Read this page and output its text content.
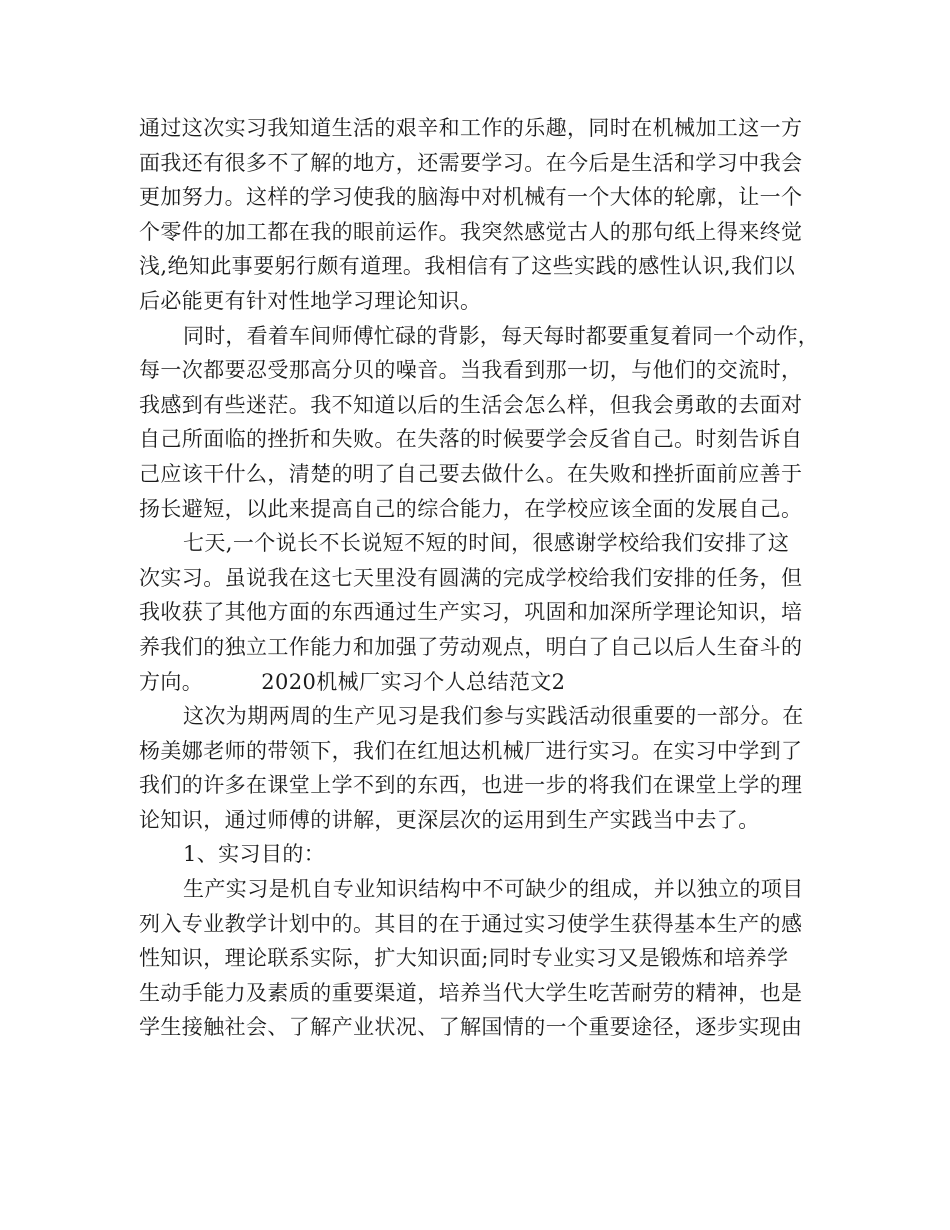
通过这次实习我知道生活的艰辛和工作的乐趣，同时在机械加工这一方
面我还有很多不了解的地方，还需要学习。在今后是生活和学习中我会
更加努力。这样的学习使我的脑海中对机械有一个大体的轮廓，让一个
个零件的加工都在我的眼前运作。我突然感觉古人的那句纸上得来终觉
浅,绝知此事要躬行颇有道理。我相信有了这些实践的感性认识,我们以
后必能更有针对性地学习理论知识。
同时，看着车间师傅忙碌的背影，每天每时都要重复着同一个动作，
每一次都要忍受那高分贝的噪音。当我看到那一切，与他们的交流时，
我感到有些迷茫。我不知道以后的生活会怎么样，但我会勇敢的去面对
自己所面临的挫折和失败。在失落的时候要学会反省自己。时刻告诉自
己应该干什么，清楚的明了自己要去做什么。在失败和挫折面前应善于
扬长避短，以此来提高自己的综合能力，在学校应该全面的发展自己。
七天,一个说长不长说短不短的时间，很感谢学校给我们安排了这
次实习。虽说我在这七天里没有圆满的完成学校给我们安排的任务，但
我收获了其他方面的东西通过生产实习，巩固和加深所学理论知识，培
养我们的独立工作能力和加强了劳动观点，明白了自己以后人生奋斗的
方向。	2020机械厂实习个人总结范文2
这次为期两周的生产见习是我们参与实践活动很重要的一部分。在
杨美娜老师的带领下，我们在红旭达机械厂进行实习。在实习中学到了
我们的许多在课堂上学不到的东西，也进一步的将我们在课堂上学的理
论知识，通过师傅的讲解，更深层次的运用到生产实践当中去了。
1、实习目的：
生产实习是机自专业知识结构中不可缺少的组成，并以独立的项目
列入专业教学计划中的。其目的在于通过实习使学生获得基本生产的感
性知识，理论联系实际，扩大知识面;同时专业实习又是锻炼和培养学
生动手能力及素质的重要渠道，培养当代大学生吃苦耐劳的精神，也是
学生接触社会、了解产业状况、了解国情的一个重要途径，逐步实现由
